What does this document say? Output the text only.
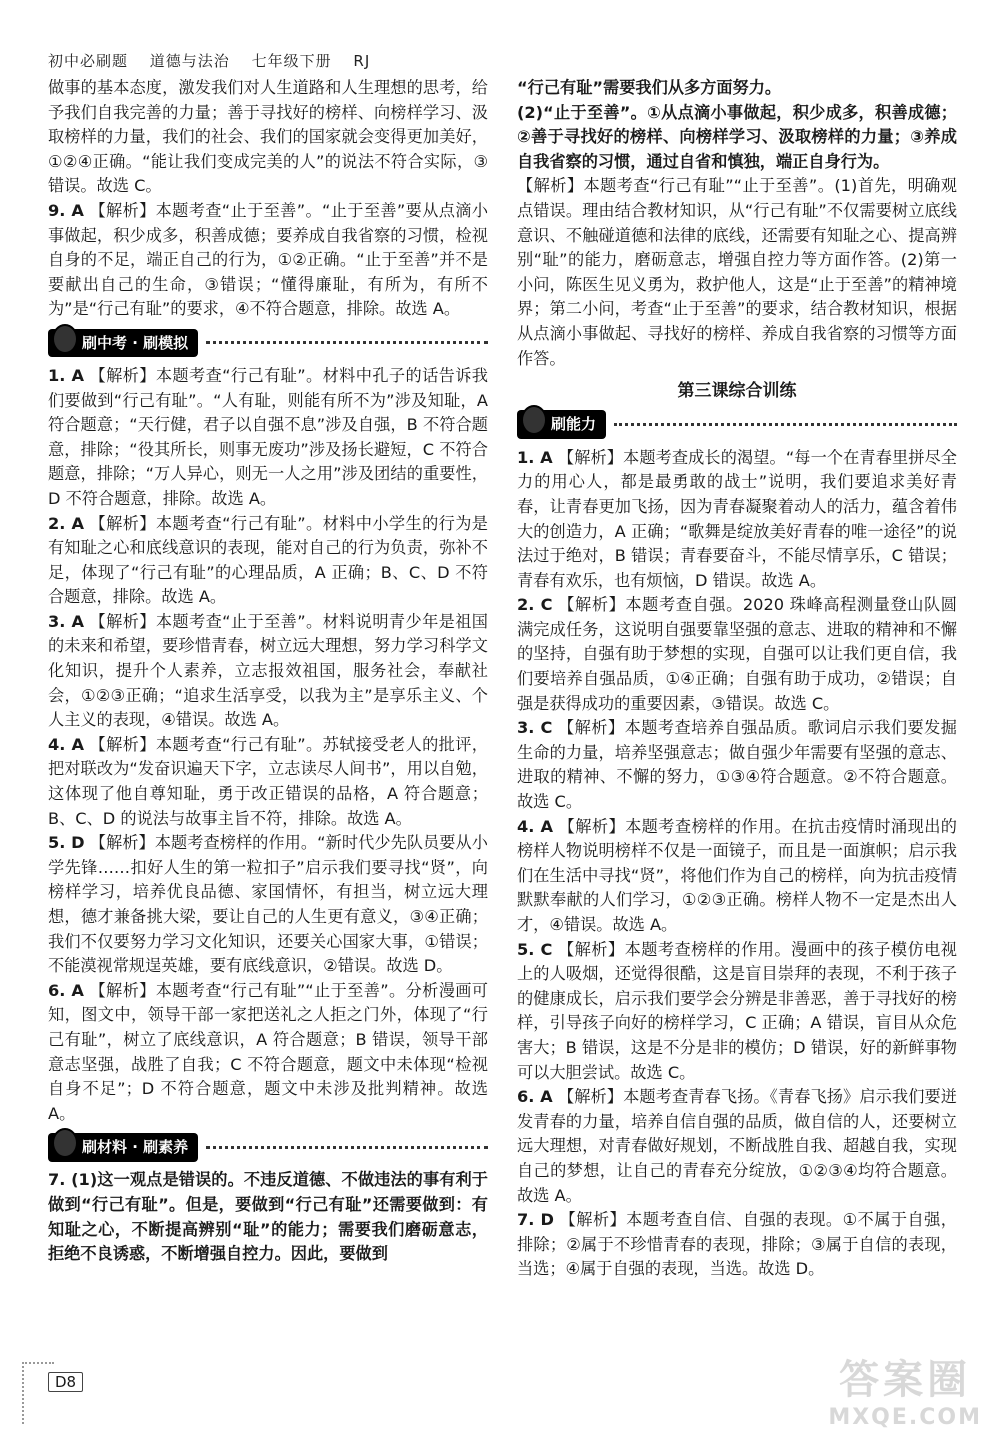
初中必刷题 道德与法治 七年级下册 RJ

做事的基本态度，激发我们对人生道路和人生理想的思考，给予我们自我完善的力量；善于寻找好的榜样、向榜样学习、汲取榜样的力量，我们的社会、我们的国家就会变得更加美好，①②④正确。“能让我们变成完美的人”的说法不符合实际，③错误。故选 C。

9. A 【解析】本题考查“止于至善”。“止于至善”要从点滴小事做起，积少成多，积善成德；要养成自我省察的习惯，检视自身的不足，端正自己的行为，①②正确。“止于至善”并不是要献出自己的生命，③错误；“懂得廉耻，有所为，有所不为”是“行己有耻”的要求，④不符合题意，排除。故选 A。

刷中考 · 刷模拟

1. A 【解析】本题考查“行己有耻”。材料中孔子的话告诉我们要做到“行己有耻”。“人有耻，则能有所不为”涉及知耻，A 符合题意；“天行健，君子以自强不息”涉及自强，B 不符合题意，排除；“役其所长，则事无废功”涉及扬长避短，C 不符合题意，排除；“万人异心，则无一人之用”涉及团结的重要性，D 不符合题意，排除。故选 A。

2. A 【解析】本题考查“行己有耻”。材料中小学生的行为是有知耻之心和底线意识的表现，能对自己的行为负责，弥补不足，体现了“行己有耻”的心理品质，A 正确；B、C、D 不符合题意，排除。故选 A。

3. A 【解析】本题考查“止于至善”。材料说明青少年是祖国的未来和希望，要珍惜青春，树立远大理想，努力学习科学文化知识，提升个人素养，立志报效祖国，服务社会，奉献社会，①②③正确；“追求生活享受，以我为主”是享乐主义、个人主义的表现，④错误。故选 A。

4. A 【解析】本题考查“行己有耻”。苏轼接受老人的批评，把对联改为“发奋识遍天下字，立志读尽人间书”，用以自勉，这体现了他自尊知耻，勇于改正错误的品格，A 符合题意；B、C、D 的说法与故事主旨不符，排除。故选 A。

5. D 【解析】本题考查榜样的作用。“新时代少先队员要从小学先锋……扣好人生的第一粒扣子”启示我们要寻找“贤”，向榜样学习，培养优良品德、家国情怀，有担当，树立远大理想，德才兼备挑大梁，要让自己的人生更有意义，③④正确；我们不仅要努力学习文化知识，还要关心国家大事，①错误；不能漠视常规逞英雄，要有底线意识，②错误。故选 D。

6. A 【解析】本题考查“行己有耻”“止于至善”。分析漫画可知，图文中，领导干部一家把送礼之人拒之门外，体现了“行己有耻”，树立了底线意识，A 符合题意；B 错误，领导干部意志坚强，战胜了自我；C 不符合题意，题文中未体现“检视自身不足”；D 不符合题意，题文中未涉及批判精神。故选 A。

刷材料 · 刷素养

7. (1)这一观点是错误的。不违反道德、不做违法的事有利于做到“行己有耻”。但是，要做到“行己有耻”还需要做到：有知耻之心，不断提高辨别“耻”的能力；需要我们磨砺意志，拒绝不良诱惑，不断增强自控力。因此，要做到

“行己有耻”需要我们从多方面努力。

(2)“止于至善”。①从点滴小事做起，积少成多，积善成德；②善于寻找好的榜样、向榜样学习、汲取榜样的力量；③养成自我省察的习惯，通过自省和慎独，端正自身行为。

【解析】本题考查“行己有耻”“止于至善”。(1)首先，明确观点错误。理由结合教材知识，从“行己有耻”不仅需要树立底线意识、不触碰道德和法律的底线，还需要有知耻之心、提高辨别“耻”的能力，磨砺意志，增强自控力等方面作答。(2)第一小问，陈医生见义勇为，救护他人，这是“止于至善”的精神境界；第二小问，考查“止于至善”的要求，结合教材知识，根据从点滴小事做起、寻找好的榜样、养成自我省察的习惯等方面作答。

第三课综合训练
刷能力

1. A 【解析】本题考查成长的渴望。“每一个在青春里拼尽全力的用心人，都是最勇敢的战士”说明，我们要追求美好青春，让青春更加飞扬，因为青春凝聚着动人的活力，蕴含着伟大的创造力，A 正确；“歌舞是绽放美好青春的唯一途径”的说法过于绝对，B 错误；青春要奋斗，不能尽情享乐，C 错误；青春有欢乐，也有烦恼，D 错误。故选 A。

2. C 【解析】本题考查自强。2020 珠峰高程测量登山队圆满完成任务，这说明自强要靠坚强的意志、进取的精神和不懈的坚持，自强有助于梦想的实现，自强可以让我们更自信，我们要培养自强品质，①④正确；自强有助于成功，②错误；自强是获得成功的重要因素，③错误。故选 C。

3. C 【解析】本题考查培养自强品质。歌词启示我们要发掘生命的力量，培养坚强意志；做自强少年需要有坚强的意志、进取的精神、不懈的努力，①③④符合题意。②不符合题意。故选 C。

4. A 【解析】本题考查榜样的作用。在抗击疫情时涌现出的榜样人物说明榜样不仅是一面镜子，而且是一面旗帜；启示我们在生活中寻找“贤”，将他们作为自己的榜样，向为抗击疫情默默奉献的人们学习，①②③正确。榜样人物不一定是杰出人才，④错误。故选 A。

5. C 【解析】本题考查榜样的作用。漫画中的孩子模仿电视上的人吸烟，还觉得很酷，这是盲目崇拜的表现，不利于孩子的健康成长，启示我们要学会分辨是非善恶，善于寻找好的榜样，引导孩子向好的榜样学习，C 正确；A 错误，盲目从众危害大；B 错误，这是不分是非的模仿；D 错误，好的新鲜事物可以大胆尝试。故选 C。

6. A 【解析】本题考查青春飞扬。《青春飞扬》启示我们要迸发青春的力量，培养自信自强的品质，做自信的人，还要树立远大理想，对青春做好规划，不断战胜自我、超越自我，实现自己的梦想，让自己的青春充分绽放，①②③④均符合题意。故选 A。

7. D 【解析】本题考查自信、自强的表现。①不属于自强，排除；②属于不珍惜青春的表现，排除；③属于自信的表现，当选；④属于自强的表现，当选。故选 D。

D8	答案圈
MXQE.COM
